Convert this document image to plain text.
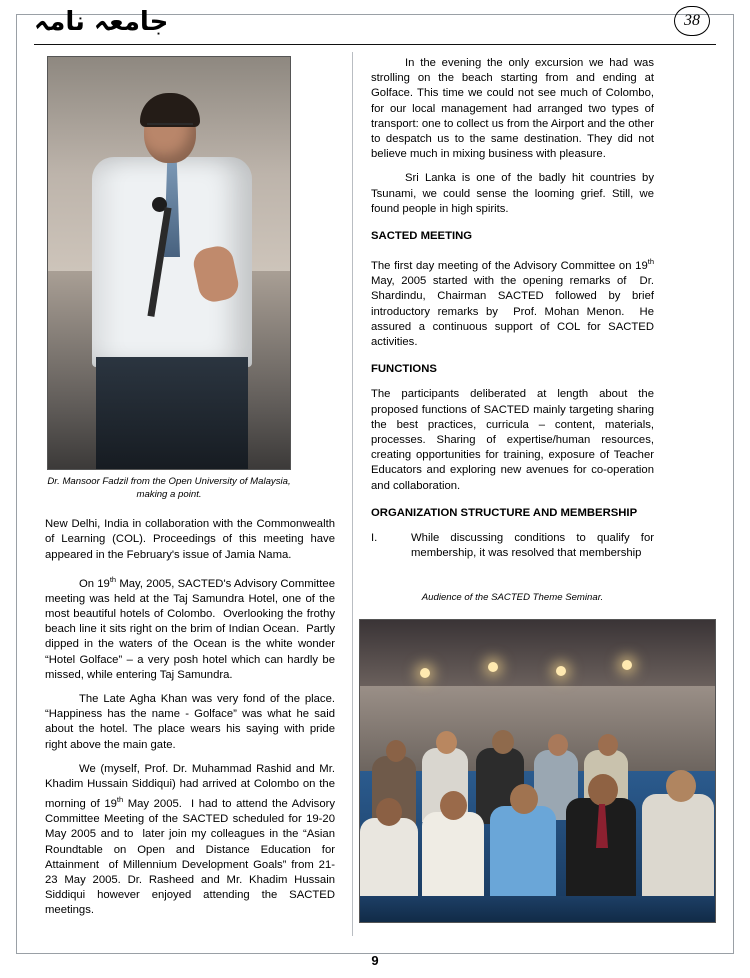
جامعہ نامہ	38
Dr. Mansoor Fadzil from the Open University of Malaysia, making a point.

New Delhi, India in collaboration with the Commonwealth of Learning (COL). Proceedings of this meeting have appeared in the February's issue of Jamia Nama.

On 19th May, 2005, SACTED's Advisory Committee meeting was held at the Taj Samundra Hotel, one of the most beautiful hotels of Colombo.  Overlooking the frothy beach line it sits right on the brim of Indian Ocean.  Partly dipped in the waters of the Ocean is the white wonder “Hotel Golface” – a very posh hotel which can hardly be missed, while entering Taj Samundra.

The Late Agha Khan was very fond of the place. “Happiness has the name - Golface” was what he said about the hotel. The place wears his saying with pride right above the main gate.

We (myself, Prof. Dr. Muhammad Rashid and Mr. Khadim Hussain Siddiqui) had arrived at Colombo on the morning of 19th May 2005.  I had to attend the Advisory Committee Meeting of the SACTED scheduled for 19-20 May 2005 and to  later join my colleagues in the “Asian Roundtable on Open and Distance Education for Attainment  of Millennium Development Goals” from 21-23 May 2005. Dr. Rasheed and Mr. Khadim Hussain Siddiqui however enjoyed attending the SACTED meetings.

In the evening the only excursion we had was strolling on the beach starting from and ending at Golface. This time we could not see much of Colombo, for our local management had arranged two types of transport: one to collect us from the Airport and the other to despatch us to the same destination. They did not believe much in mixing business with pleasure.

Sri Lanka is one of the badly hit countries by Tsunami, we could sense the looming grief. Still, we found people in high spirits.

SACTED MEETING

The first day meeting of the Advisory Committee on 19th May, 2005 started with the opening remarks of  Dr. Shardindu,  Chairman  SACTED  followed  by  brief introductory remarks by  Prof. Mohan Menon.  He assured a continuous support of COL for SACTED activities.

FUNCTIONS

The participants deliberated at length about the proposed functions of SACTED mainly targeting sharing the best practices, curricula – content, materials, processes. Sharing of expertise/human resources, creating opportunities for training, exposure of Teacher Educators and exploring new avenues for co-operation and collaboration.

ORGANIZATION STRUCTURE AND MEMBERSHIP
I.	While discussing conditions to qualify for membership, it was resolved that membership
Audience of the SACTED Theme Seminar.
9
